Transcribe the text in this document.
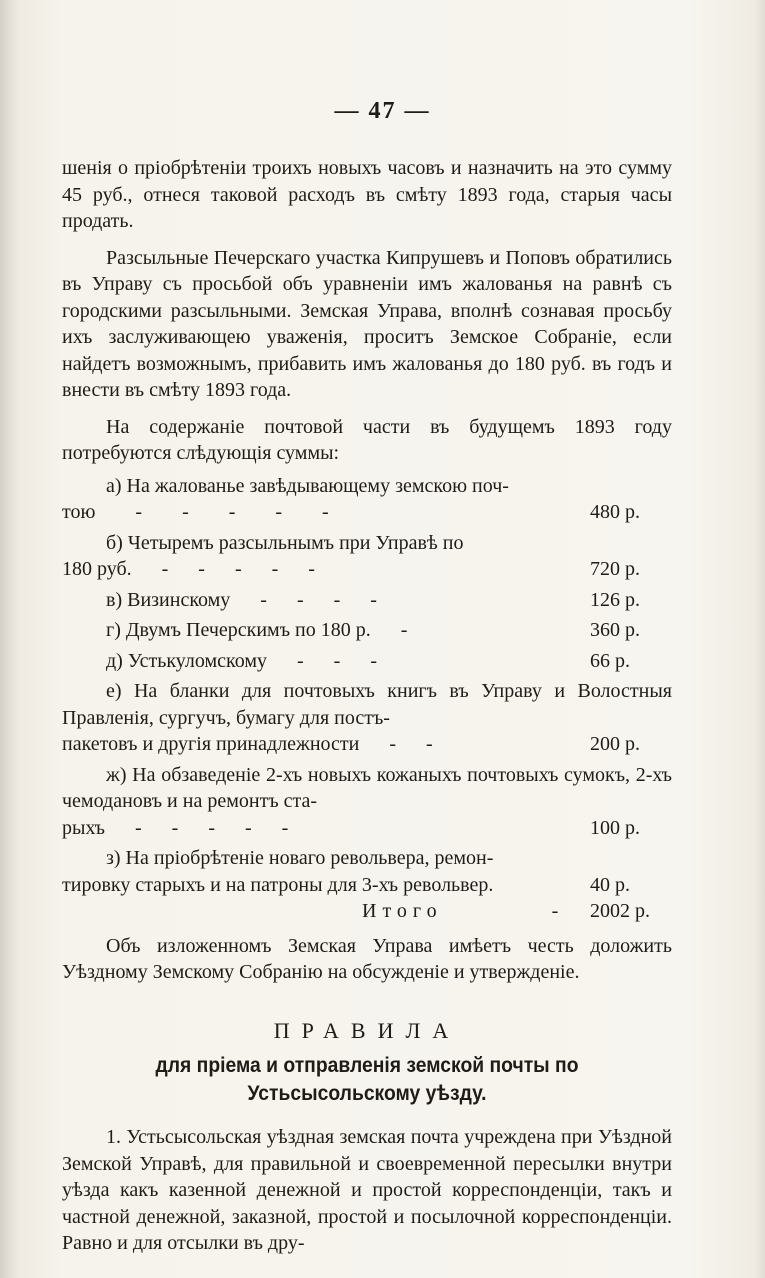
— 47 —

шенія о пріобрѣтеніи троихъ новыхъ часовъ и назначить на это сумму 45 руб., отнеся таковой расходъ въ смѣту 1893 года, старыя часы продать.

Разсыльные Печерскаго участка Кипрушевъ и Поповъ обратились въ Управу съ просьбой объ уравненіи имъ жалованья на равнѣ съ городскими разсыльными. Земская Управа, вполнѣ сознавая просьбу ихъ заслуживающею уваженія, проситъ Земское Собраніе, если найдетъ возможнымъ, прибавить имъ жалованья до 180 руб. въ годъ и внести въ смѣту 1893 года.

На содержаніе почтовой части въ будущемъ 1893 году потребуются слѣдующія суммы:

а) На жалованье завѣдывающему земскою поч-

тою        -        -        -        -        -	480 р.

б) Четыремъ разсыльнымъ при Управѣ по

180 руб.      -      -      -      -      -	720 р.
в) Визинскому      -      -      -      -	126 р.
г) Двумъ Печерскимъ по 180 р.      -	360 р.
д) Устькуломскому      -      -      -	66 р.

е) На бланки для почтовыхъ книгъ въ Управу и Волостныя Правленія, сургучъ, бумагу для постъ-

пакетовъ и другія принадлежности      -      -	200 р.

ж) На обзаведеніе 2-хъ новыхъ кожаныхъ почтовыхъ сумокъ, 2-хъ чемодановъ и на ремонтъ ста-

рыхъ      -      -      -      -      -	100 р.

з) На пріобрѣтеніе новаго револьвера, ремон-

тировку старыхъ и на патроны для 3-хъ револьвер.	40 р.
Итого	-	2002 р.

Объ изложенномъ Земская Управа имѣетъ честь доложить Уѣздному Земскому Собранію на обсужденіе и утвержденіе.

ПРАВИЛА
для пріема и отправленія земской почты по Устьсысольскому уѣзду.

1. Устьсысольская уѣздная земская почта учреждена при Уѣздной Земской Управѣ, для правильной и своевременной пересылки внутри уѣзда какъ казенной денежной и простой корреспонденціи, такъ и частной денежной, заказной, простой и посылочной корреспонденціи. Равно и для отсылки въ дру-
